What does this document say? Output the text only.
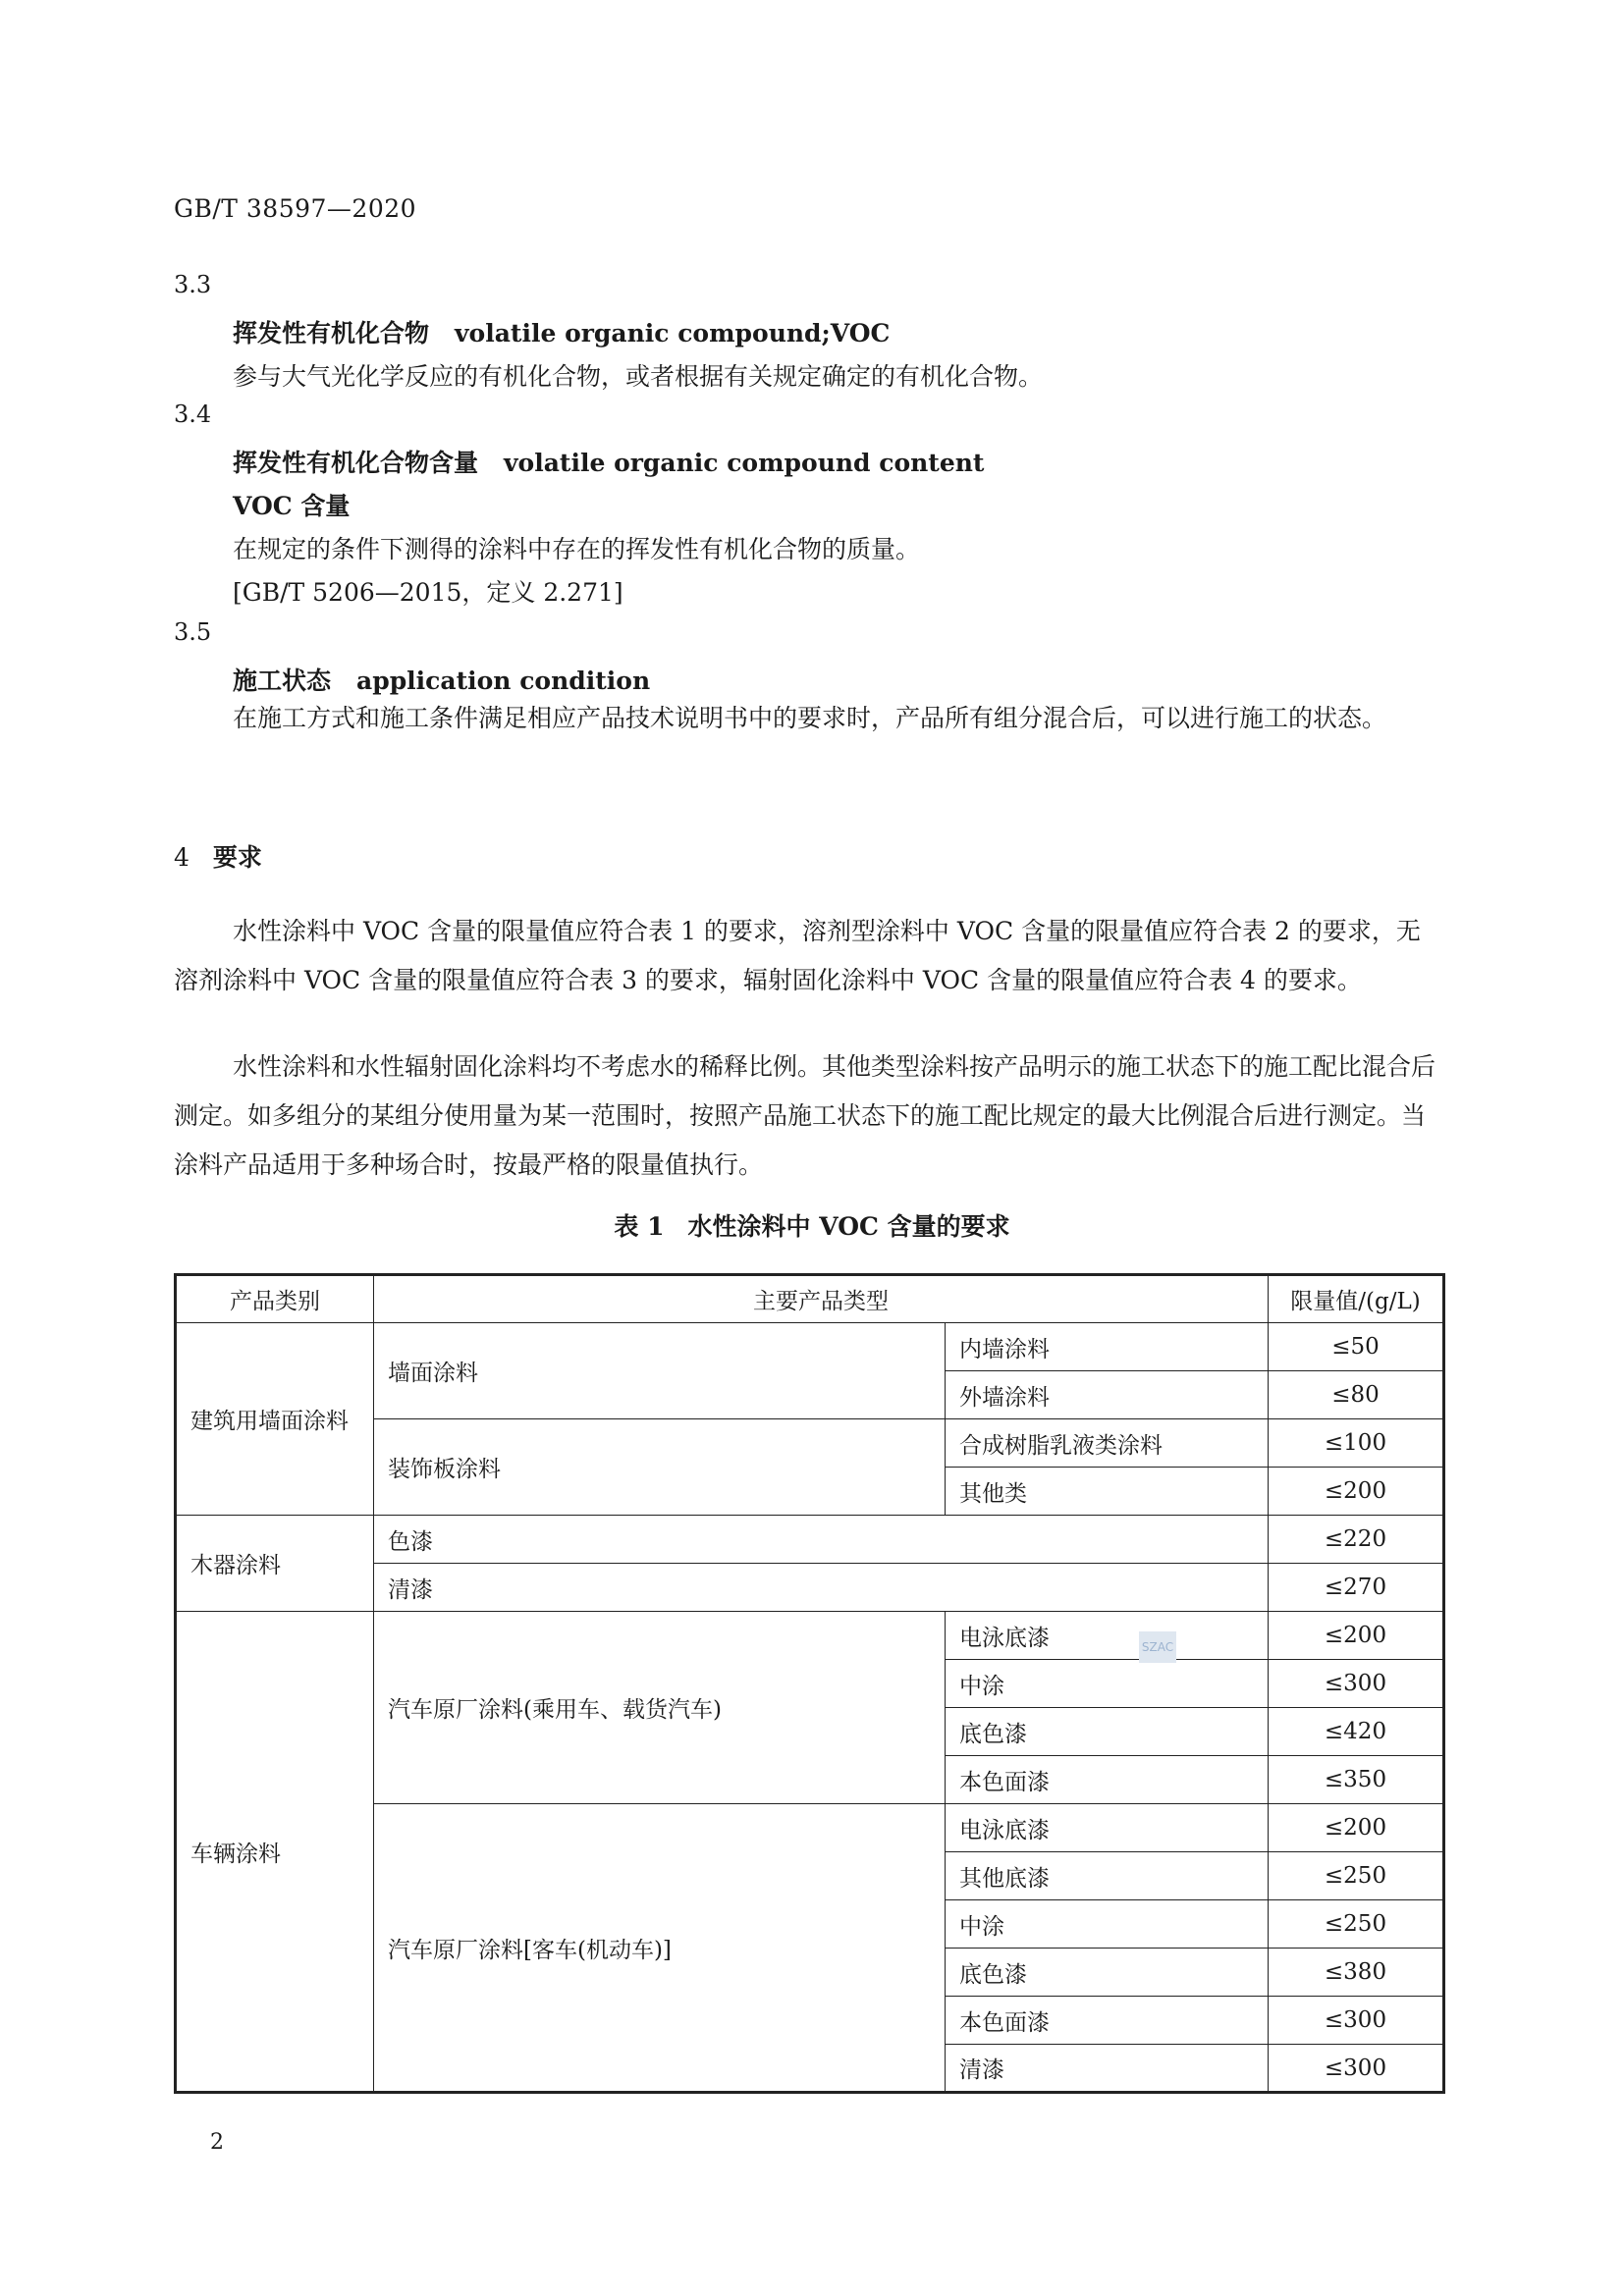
GB/T 38597—2020
3.3
挥发性有机化合物 volatile organic compound;VOC
参与大气光化学反应的有机化合物，或者根据有关规定确定的有机化合物。
3.4
挥发性有机化合物含量 volatile organic compound content
VOC 含量
在规定的条件下测得的涂料中存在的挥发性有机化合物的质量。
[GB/T 5206—2015，定义 2.271]
3.5
施工状态 application condition
在施工方式和施工条件满足相应产品技术说明书中的要求时，产品所有组分混合后，可以进行施工的状态。
4 要求
水性涂料中 VOC 含量的限量值应符合表 1 的要求，溶剂型涂料中 VOC 含量的限量值应符合表 2 的要求，无溶剂涂料中 VOC 含量的限量值应符合表 3 的要求，辐射固化涂料中 VOC 含量的限量值应符合表 4 的要求。
水性涂料和水性辐射固化涂料均不考虑水的稀释比例。其他类型涂料按产品明示的施工状态下的施工配比混合后测定。如多组分的某组分使用量为某一范围时，按照产品施工状态下的施工配比规定的最大比例混合后进行测定。当涂料产品适用于多种场合时，按最严格的限量值执行。
表 1 水性涂料中 VOC 含量的要求
产品类别	主要产品类型		限量值/(g/L)
建筑用墙面涂料	墙面涂料	内墙涂料	≤50
		外墙涂料	≤80
	装饰板涂料	合成树脂乳液类涂料	≤100
		其他类	≤200
木器涂料	色漆		≤220
	清漆		≤270
车辆涂料	汽车原厂涂料(乘用车、载货汽车)	电泳底漆	≤200
		中涂	≤300
		底色漆	≤420
		本色面漆	≤350
	汽车原厂涂料[客车(机动车)]	电泳底漆	≤200
		其他底漆	≤250
		中涂	≤250
		底色漆	≤380
		本色面漆	≤300
		清漆	≤300
SZAC
2
